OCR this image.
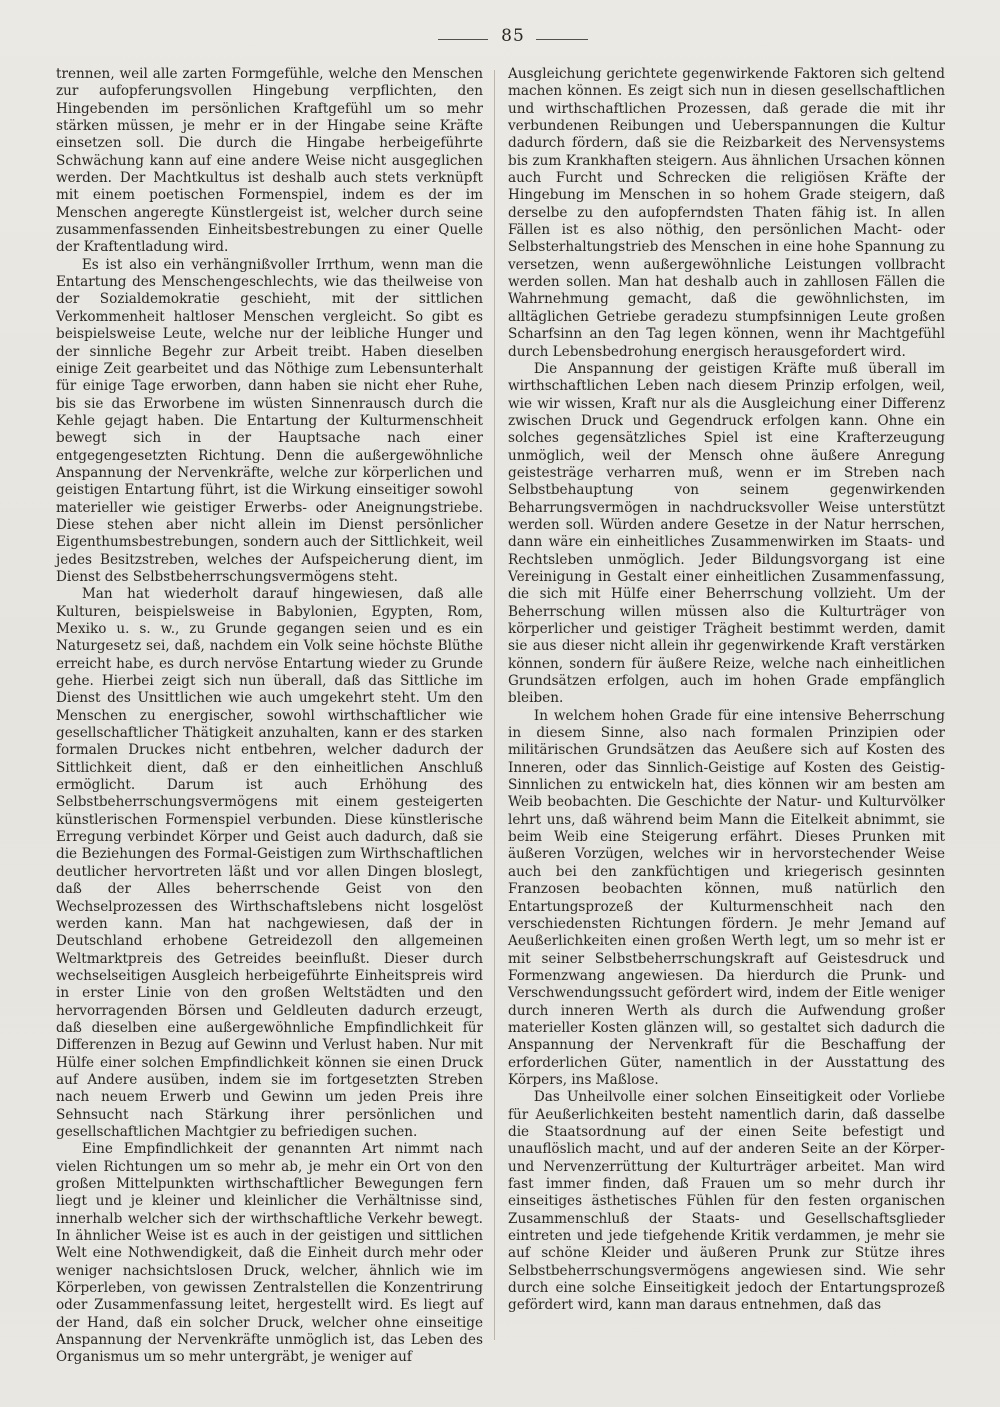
85

trennen, weil alle zarten Formgefühle, welche den Menschen zur aufopferungsvollen Hingebung verpflichten, den Hingebenden im persönlichen Kraftgefühl um so mehr stärken müssen, je mehr er in der Hingabe seine Kräfte einsetzen soll. Die durch die Hingabe herbeigeführte Schwächung kann auf eine andere Weise nicht ausgeglichen werden. Der Machtkultus ist deshalb auch stets verknüpft mit einem poetischen Formenspiel, indem es der im Menschen angeregte Künstlergeist ist, welcher durch seine zusammenfassenden Einheitsbestrebungen zu einer Quelle der Kraftentladung wird.

Es ist also ein verhängnißvoller Irrthum, wenn man die Entartung des Menschengeschlechts, wie das theilweise von der Sozialdemokratie geschieht, mit der sittlichen Verkommenheit haltloser Menschen vergleicht. So gibt es beispielsweise Leute, welche nur der leibliche Hunger und der sinnliche Begehr zur Arbeit treibt. Haben dieselben einige Zeit gearbeitet und das Nöthige zum Lebensunterhalt für einige Tage erworben, dann haben sie nicht eher Ruhe, bis sie das Erworbene im wüsten Sinnenrausch durch die Kehle gejagt haben. Die Entartung der Kulturmenschheit bewegt sich in der Hauptsache nach einer entgegengesetzten Richtung. Denn die außergewöhnliche Anspannung der Nervenkräfte, welche zur körperlichen und geistigen Entartung führt, ist die Wirkung einseitiger sowohl materieller wie geistiger Erwerbs- oder Aneignungstriebe. Diese stehen aber nicht allein im Dienst persönlicher Eigenthumsbestrebungen, sondern auch der Sittlichkeit, weil jedes Besitzstreben, welches der Aufspeicherung dient, im Dienst des Selbstbeherrschungsvermögens steht.

Man hat wiederholt darauf hingewiesen, daß alle Kulturen, beispielsweise in Babylonien, Egypten, Rom, Mexiko u. s. w., zu Grunde gegangen seien und es ein Naturgesetz sei, daß, nachdem ein Volk seine höchste Blüthe erreicht habe, es durch nervöse Entartung wieder zu Grunde gehe. Hierbei zeigt sich nun überall, daß das Sittliche im Dienst des Unsittlichen wie auch umgekehrt steht. Um den Menschen zu energischer, sowohl wirthschaftlicher wie gesellschaftlicher Thätigkeit anzuhalten, kann er des starken formalen Druckes nicht entbehren, welcher dadurch der Sittlichkeit dient, daß er den einheitlichen Anschluß ermöglicht. Darum ist auch Erhöhung des Selbstbeherrschungsvermögens mit einem gesteigerten künstlerischen Formenspiel verbunden. Diese künstlerische Erregung verbindet Körper und Geist auch dadurch, daß sie die Beziehungen des Formal-Geistigen zum Wirthschaftlichen deutlicher hervortreten läßt und vor allen Dingen bloslegt, daß der Alles beherrschende Geist von den Wechselprozessen des Wirthschaftslebens nicht losgelöst werden kann. Man hat nachgewiesen, daß der in Deutschland erhobene Getreidezoll den allgemeinen Weltmarktpreis des Getreides beeinflußt. Dieser durch wechselseitigen Ausgleich herbeigeführte Einheitspreis wird in erster Linie von den großen Weltstädten und den hervorragenden Börsen und Geldleuten dadurch erzeugt, daß dieselben eine außergewöhnliche Empfindlichkeit für Differenzen in Bezug auf Gewinn und Verlust haben. Nur mit Hülfe einer solchen Empfindlichkeit können sie einen Druck auf Andere ausüben, indem sie im fortgesetzten Streben nach neuem Erwerb und Gewinn um jeden Preis ihre Sehnsucht nach Stärkung ihrer persönlichen und gesellschaftlichen Machtgier zu befriedigen suchen.

Eine Empfindlichkeit der genannten Art nimmt nach vielen Richtungen um so mehr ab, je mehr ein Ort von den großen Mittelpunkten wirthschaftlicher Bewegungen fern liegt und je kleiner und kleinlicher die Verhältnisse sind, innerhalb welcher sich der wirthschaftliche Verkehr bewegt. In ähnlicher Weise ist es auch in der geistigen und sittlichen Welt eine Nothwendigkeit, daß die Einheit durch mehr oder weniger nachsichtslosen Druck, welcher, ähnlich wie im Körperleben, von gewissen Zentralstellen die Konzentrirung oder Zusammenfassung leitet, hergestellt wird. Es liegt auf der Hand, daß ein solcher Druck, welcher ohne einseitige Anspannung der Nervenkräfte unmöglich ist, das Leben des Organismus um so mehr untergräbt, je weniger auf

Ausgleichung gerichtete gegenwirkende Faktoren sich geltend machen können. Es zeigt sich nun in diesen gesellschaftlichen und wirthschaftlichen Prozessen, daß gerade die mit ihr verbundenen Reibungen und Ueberspannungen die Kultur dadurch fördern, daß sie die Reizbarkeit des Nervensystems bis zum Krankhaften steigern. Aus ähnlichen Ursachen können auch Furcht und Schrecken die religiösen Kräfte der Hingebung im Menschen in so hohem Grade steigern, daß derselbe zu den aufopferndsten Thaten fähig ist. In allen Fällen ist es also nöthig, den persönlichen Macht- oder Selbsterhaltungstrieb des Menschen in eine hohe Spannung zu versetzen, wenn außergewöhnliche Leistungen vollbracht werden sollen. Man hat deshalb auch in zahllosen Fällen die Wahrnehmung gemacht, daß die gewöhnlichsten, im alltäglichen Getriebe geradezu stumpfsinnigen Leute großen Scharfsinn an den Tag legen können, wenn ihr Machtgefühl durch Lebensbedrohung energisch herausgefordert wird.

Die Anspannung der geistigen Kräfte muß überall im wirthschaftlichen Leben nach diesem Prinzip erfolgen, weil, wie wir wissen, Kraft nur als die Ausgleichung einer Differenz zwischen Druck und Gegendruck erfolgen kann. Ohne ein solches gegensätzliches Spiel ist eine Krafterzeugung unmöglich, weil der Mensch ohne äußere Anregung geistesträge verharren muß, wenn er im Streben nach Selbstbehauptung von seinem gegenwirkenden Beharrungsvermögen in nachdrucksvoller Weise unterstützt werden soll. Würden andere Gesetze in der Natur herrschen, dann wäre ein einheitliches Zusammenwirken im Staats- und Rechtsleben unmöglich. Jeder Bildungsvorgang ist eine Vereinigung in Gestalt einer einheitlichen Zusammenfassung, die sich mit Hülfe einer Beherrschung vollzieht. Um der Beherrschung willen müssen also die Kulturträger von körperlicher und geistiger Trägheit bestimmt werden, damit sie aus dieser nicht allein ihr gegenwirkende Kraft verstärken können, sondern für äußere Reize, welche nach einheitlichen Grundsätzen erfolgen, auch im hohen Grade empfänglich bleiben.

In welchem hohen Grade für eine intensive Beherrschung in diesem Sinne, also nach formalen Prinzipien oder militärischen Grundsätzen das Aeußere sich auf Kosten des Inneren, oder das Sinnlich-Geistige auf Kosten des Geistig-Sinnlichen zu entwickeln hat, dies können wir am besten am Weib beobachten. Die Geschichte der Natur- und Kulturvölker lehrt uns, daß während beim Mann die Eitelkeit abnimmt, sie beim Weib eine Steigerung erfährt. Dieses Prunken mit äußeren Vorzügen, welches wir in hervorstechender Weise auch bei den zankfüchtigen und kriegerisch gesinnten Franzosen beobachten können, muß natürlich den Entartungsprozeß der Kulturmenschheit nach den verschiedensten Richtungen fördern. Je mehr Jemand auf Aeußerlichkeiten einen großen Werth legt, um so mehr ist er mit seiner Selbstbeherrschungskraft auf Geistesdruck und Formenzwang angewiesen. Da hierdurch die Prunk- und Verschwendungssucht gefördert wird, indem der Eitle weniger durch inneren Werth als durch die Aufwendung großer materieller Kosten glänzen will, so gestaltet sich dadurch die Anspannung der Nervenkraft für die Beschaffung der erforderlichen Güter, namentlich in der Ausstattung des Körpers, ins Maßlose.

Das Unheilvolle einer solchen Einseitigkeit oder Vorliebe für Aeußerlichkeiten besteht namentlich darin, daß dasselbe die Staatsordnung auf der einen Seite befestigt und unauflöslich macht, und auf der anderen Seite an der Körper- und Nervenzerrüttung der Kulturträger arbeitet. Man wird fast immer finden, daß Frauen um so mehr durch ihr einseitiges ästhetisches Fühlen für den festen organischen Zusammenschluß der Staats- und Gesellschaftsglieder eintreten und jede tiefgehende Kritik verdammen, je mehr sie auf schöne Kleider und äußeren Prunk zur Stütze ihres Selbstbeherrschungsvermögens angewiesen sind. Wie sehr durch eine solche Einseitigkeit jedoch der Entartungsprozeß gefördert wird, kann man daraus entnehmen, daß das
